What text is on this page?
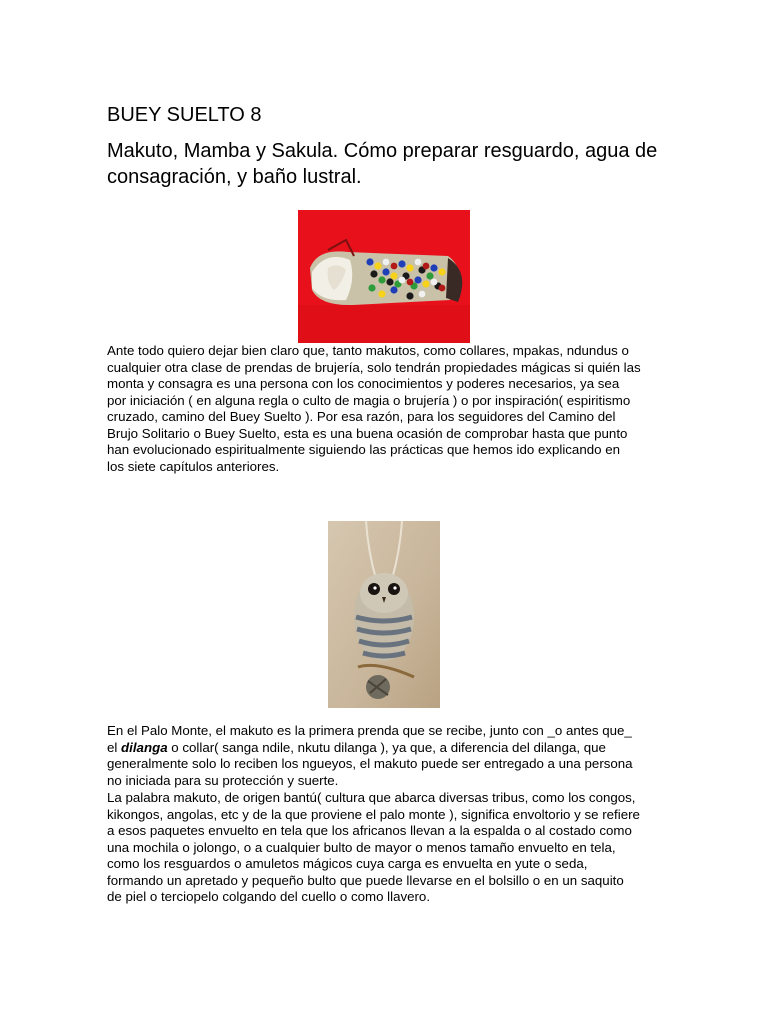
BUEY SUELTO 8
Makuto, Mamba y Sakula. Cómo preparar resguardo, agua de
consagración, y baño lustral.

Ante todo quiero dejar bien claro que, tanto makutos, como collares, mpakas, ndundus o
cualquier otra clase de prendas de brujería, solo tendrán propiedades mágicas si quién las
monta y consagra es una persona con los conocimientos y poderes necesarios, ya sea
por iniciación ( en alguna regla o culto de magia o brujería ) o por inspiración( espiritismo
cruzado, camino del Buey Suelto ). Por esa razón, para los seguidores del Camino del
Brujo Solitario o Buey Suelto, esta es una buena ocasión de comprobar hasta que punto
han evolucionado espiritualmente siguiendo las prácticas que hemos ido explicando en
los siete capítulos anteriores.

En el Palo Monte, el makuto es la primera prenda que se recibe, junto con _o antes que_
el dilanga o collar( sanga ndile, nkutu dilanga ), ya que, a diferencia del dilanga, que
generalmente solo lo reciben los ngueyos, el makuto puede ser entregado a una persona
no iniciada para su protección y suerte.

La palabra makuto, de origen bantú( cultura que abarca diversas tribus, como los congos,
kikongos, angolas, etc y de la que proviene el palo monte ), significa envoltorio y se refiere
a esos paquetes envuelto en tela que los africanos llevan a la espalda o al costado como
una mochila o jolongo, o a cualquier bulto de mayor o menos tamaño envuelto en tela,
como los resguardos o amuletos mágicos cuya carga es envuelta en yute o seda,
formando un apretado y pequeño bulto que puede llevarse en el bolsillo o en un saquito
de piel o terciopelo colgando del cuello o como llavero.
